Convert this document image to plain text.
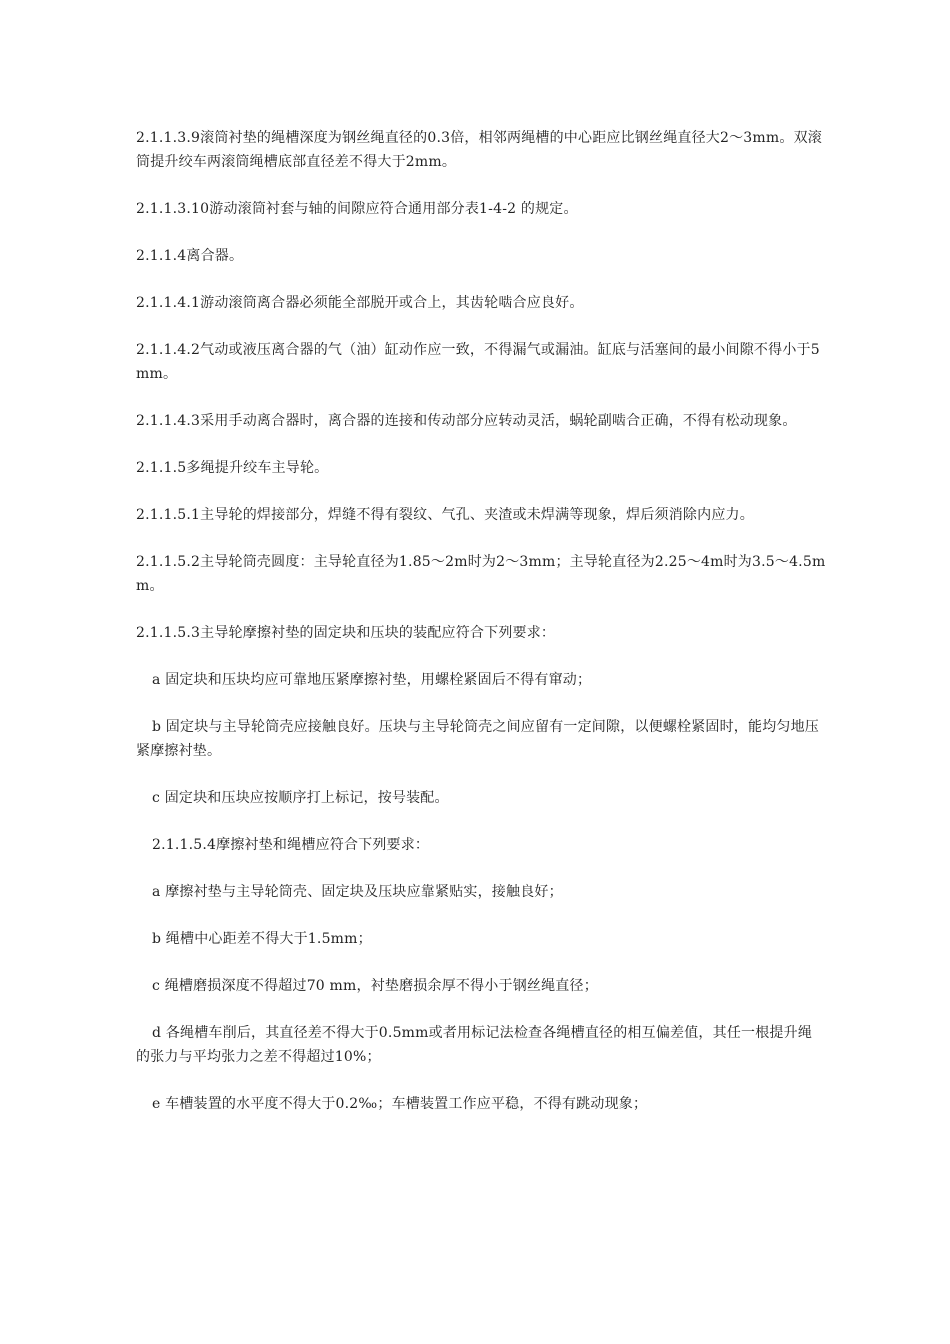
2.1.1.3.9滚筒衬垫的绳槽深度为钢丝绳直径的0.3倍，相邻两绳槽的中心距应比钢丝绳直径大2～3mm。双滚筒提升绞车两滚筒绳槽底部直径差不得大于2mm。

2.1.1.3.10游动滚筒衬套与轴的间隙应符合通用部分表1-4-2 的规定。

2.1.1.4离合器。

2.1.1.4.1游动滚筒离合器必须能全部脱开或合上，其齿轮啮合应良好。

2.1.1.4.2气动或液压离合器的气（油）缸动作应一致，不得漏气或漏油。缸底与活塞间的最小间隙不得小于5mm。

2.1.1.4.3采用手动离合器时，离合器的连接和传动部分应转动灵活，蜗轮副啮合正确，不得有松动现象。

2.1.1.5多绳提升绞车主导轮。

2.1.1.5.1主导轮的焊接部分，焊缝不得有裂纹、气孔、夹渣或未焊满等现象，焊后须消除内应力。

2.1.1.5.2主导轮筒壳圆度：主导轮直径为1.85～2m时为2～3mm；主导轮直径为2.25～4m时为3.5～4.5mm。

2.1.1.5.3主导轮摩擦衬垫的固定块和压块的装配应符合下列要求：

a 固定块和压块均应可靠地压紧摩擦衬垫，用螺栓紧固后不得有窜动；

b 固定块与主导轮筒壳应接触良好。压块与主导轮筒壳之间应留有一定间隙，以便螺栓紧固时，能均匀地压紧摩擦衬垫。

c 固定块和压块应按顺序打上标记，按号装配。

2.1.1.5.4摩擦衬垫和绳槽应符合下列要求：

a 摩擦衬垫与主导轮筒壳、固定块及压块应靠紧贴实，接触良好；

b 绳槽中心距差不得大于1.5mm；

c 绳槽磨损深度不得超过70 mm，衬垫磨损余厚不得小于钢丝绳直径；

d 各绳槽车削后，其直径差不得大于0.5mm或者用标记法检查各绳槽直径的相互偏差值，其任一根提升绳的张力与平均张力之差不得超过10%；

e 车槽装置的水平度不得大于0.2‰；车槽装置工作应平稳，不得有跳动现象；
